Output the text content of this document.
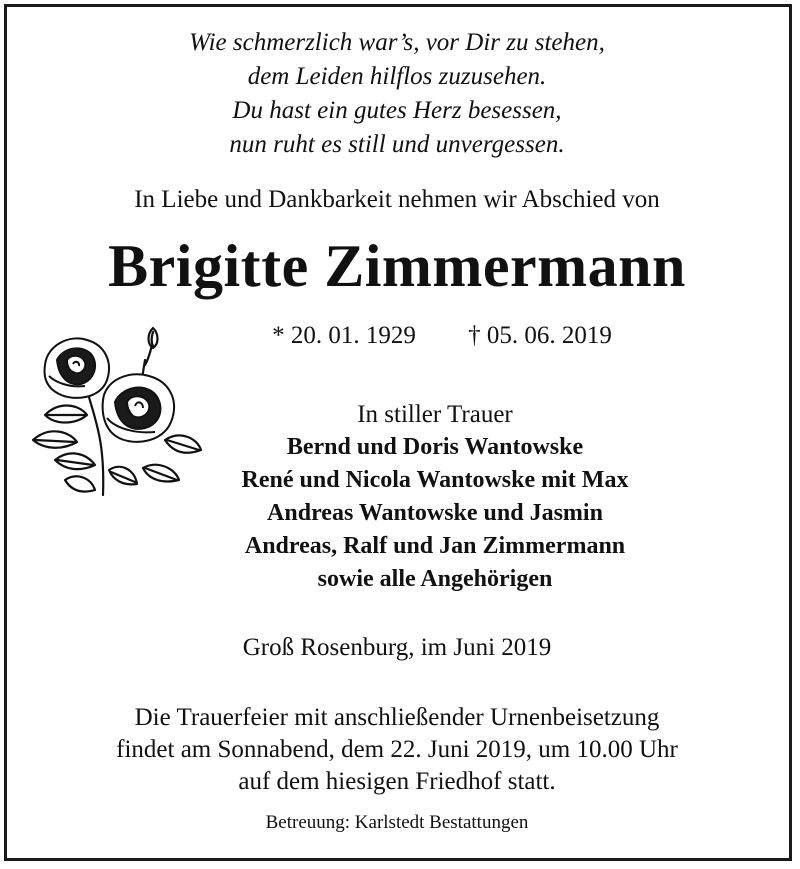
Wie schmerzlich war’s, vor Dir zu stehen,
dem Leiden hilflos zuzusehen.
Du hast ein gutes Herz besessen,
nun ruht es still und unvergessen.
In Liebe und Dankbarkeit nehmen wir Abschied von
Brigitte Zimmermann
* 20. 01. 1929 † 05. 06. 2019
In stiller Trauer
Bernd und Doris Wantowske
René und Nicola Wantowske mit Max
Andreas Wantowske und Jasmin
Andreas, Ralf und Jan Zimmermann
sowie alle Angehörigen
Groß Rosenburg, im Juni 2019
Die Trauerfeier mit anschließender Urnenbeisetzung
findet am Sonnabend, dem 22. Juni 2019, um 10.00 Uhr
auf dem hiesigen Friedhof statt.
Betreuung: Karlstedt Bestattungen
